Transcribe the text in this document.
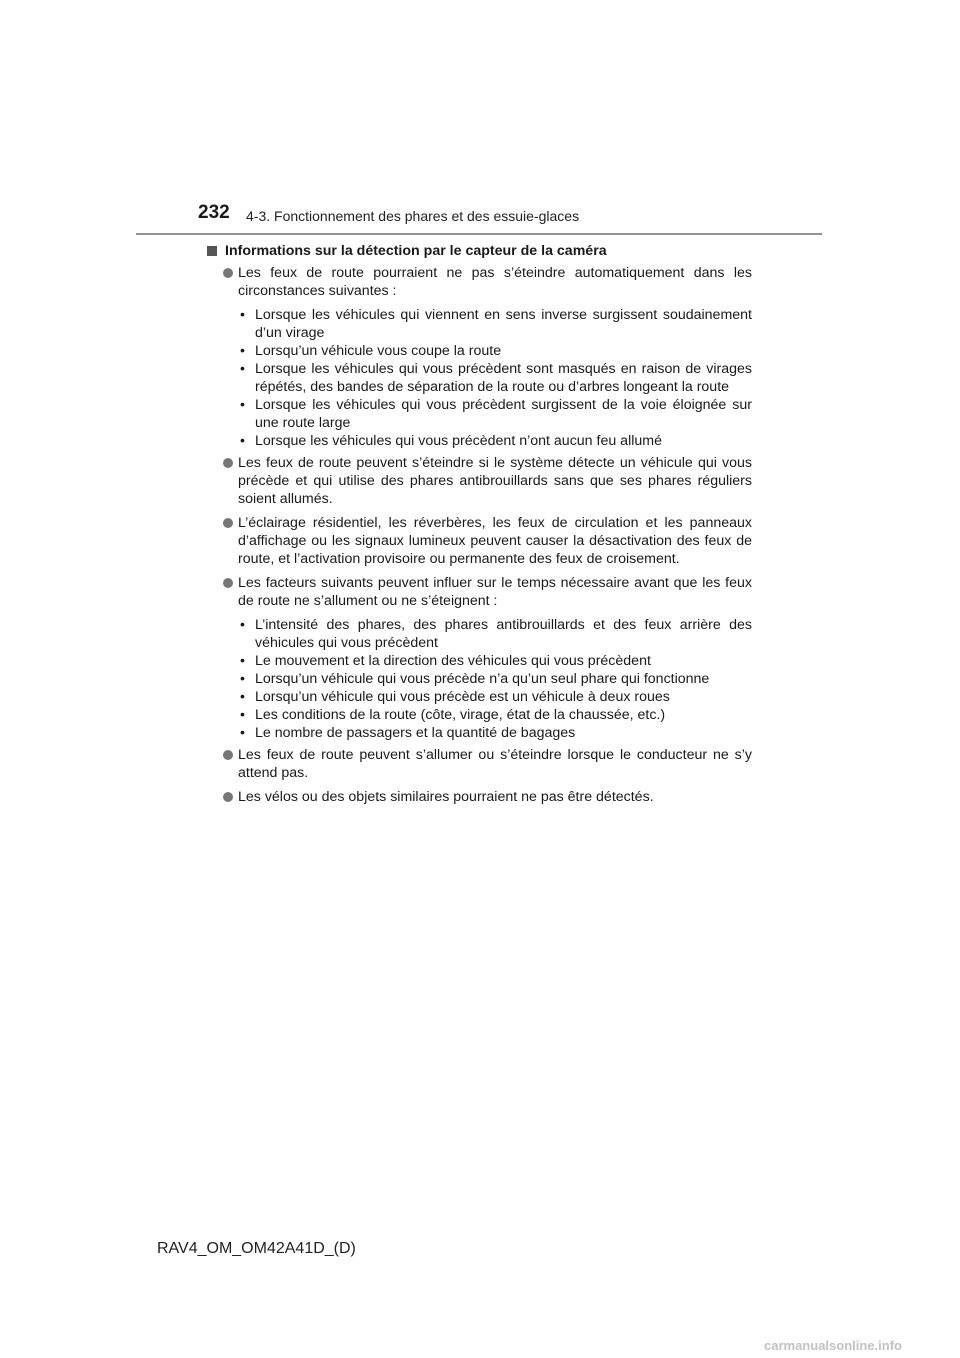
232 4-3. Fonctionnement des phares et des essuie-glaces
Informations sur la détection par le capteur de la caméra
Les feux de route pourraient ne pas s’éteindre automatiquement dans les circonstances suivantes :
• Lorsque les véhicules qui viennent en sens inverse surgissent soudainement d’un virage
• Lorsqu’un véhicule vous coupe la route
• Lorsque les véhicules qui vous précèdent sont masqués en raison de virages répétés, des bandes de séparation de la route ou d’arbres longeant la route
• Lorsque les véhicules qui vous précèdent surgissent de la voie éloignée sur une route large
• Lorsque les véhicules qui vous précèdent n’ont aucun feu allumé
Les feux de route peuvent s’éteindre si le système détecte un véhicule qui vous précède et qui utilise des phares antibrouillards sans que ses phares réguliers soient allumés.
L’éclairage résidentiel, les réverbères, les feux de circulation et les panneaux d’affichage ou les signaux lumineux peuvent causer la désactivation des feux de route, et l’activation provisoire ou permanente des feux de croisement.
Les facteurs suivants peuvent influer sur le temps nécessaire avant que les feux de route ne s’allument ou ne s’éteignent :
• L’intensité des phares, des phares antibrouillards et des feux arrière des véhicules qui vous précèdent
• Le mouvement et la direction des véhicules qui vous précèdent
• Lorsqu’un véhicule qui vous précède n’a qu’un seul phare qui fonctionne
• Lorsqu’un véhicule qui vous précède est un véhicule à deux roues
• Les conditions de la route (côte, virage, état de la chaussée, etc.)
• Le nombre de passagers et la quantité de bagages
Les feux de route peuvent s’allumer ou s’éteindre lorsque le conducteur ne s’y attend pas.
Les vélos ou des objets similaires pourraient ne pas être détectés.
RAV4_OM_OM42A41D_(D)
carmanualsonline.info
